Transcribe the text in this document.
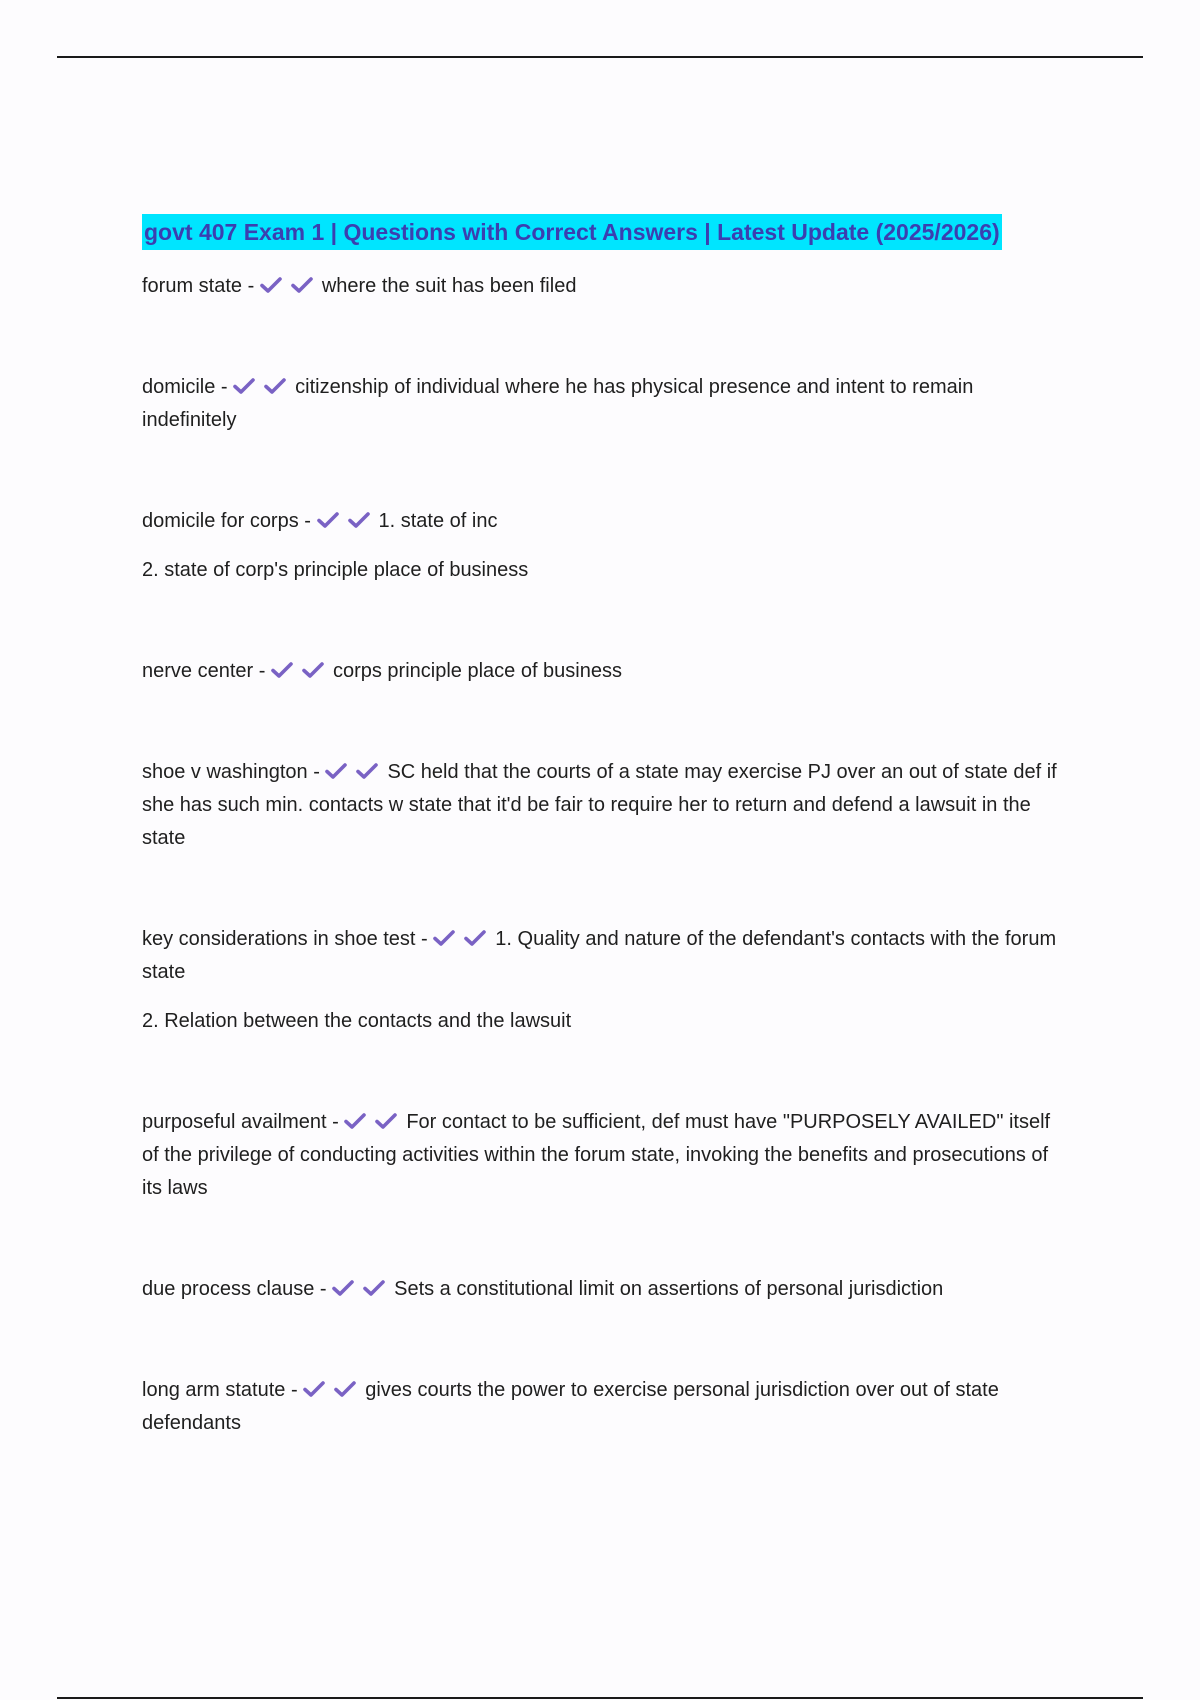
govt 407 Exam 1 | Questions with Correct Answers | Latest Update (2025/2026)

forum state -	where the suit has been filed

domicile -	citizenship of individual where he has physical presence and intent to remain indefinitely

domicile for corps -	1. state of inc

2. state of corp's principle place of business

nerve center -	corps principle place of business

shoe v washington -	SC held that the courts of a state may exercise PJ over an out of state def if she has such min. contacts w state that it'd be fair to require her to return and defend a lawsuit in the state

key considerations in shoe test -	1. Quality and nature of the defendant's contacts with the forum state

2. Relation between the contacts and the lawsuit

purposeful availment -	For contact to be sufficient, def must have "PURPOSELY AVAILED" itself of the privilege of conducting activities within the forum state, invoking the benefits and prosecutions of its laws

due process clause -	Sets a constitutional limit on assertions of personal jurisdiction

long arm statute -	gives courts the power to exercise personal jurisdiction over out of state defendants
